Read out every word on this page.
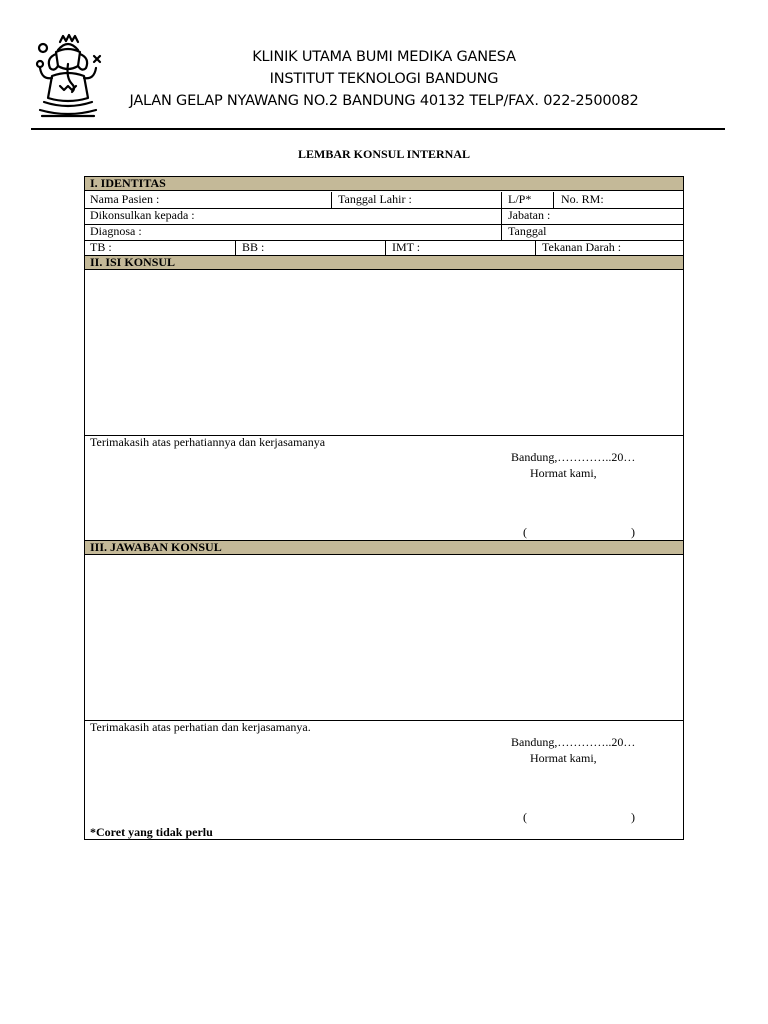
KLINIK UTAMA BUMI MEDIKA GANESA
INSTITUT TEKNOLOGI BANDUNG
JALAN GELAP NYAWANG NO.2 BANDUNG 40132 TELP/FAX. 022-2500082
LEMBAR KONSUL INTERNAL
I. IDENTITAS
Nama Pasien :	Tanggal Lahir :	L/P* No. RM:
Dikonsulkan kepada :	Jabatan :
Diagnosa :	Tanggal
TB :	BB :	IMT :	Tekanan Darah :
II. ISI KONSUL
Terimakasih atas perhatiannya dan kerjasamanya
Bandung,…………..20…
Hormat kami,
(	)
III. JAWABAN KONSUL
Terimakasih atas perhatian dan kerjasamanya.
Bandung,…………..20…
Hormat kami,
(	)
*Coret yang tidak perlu
